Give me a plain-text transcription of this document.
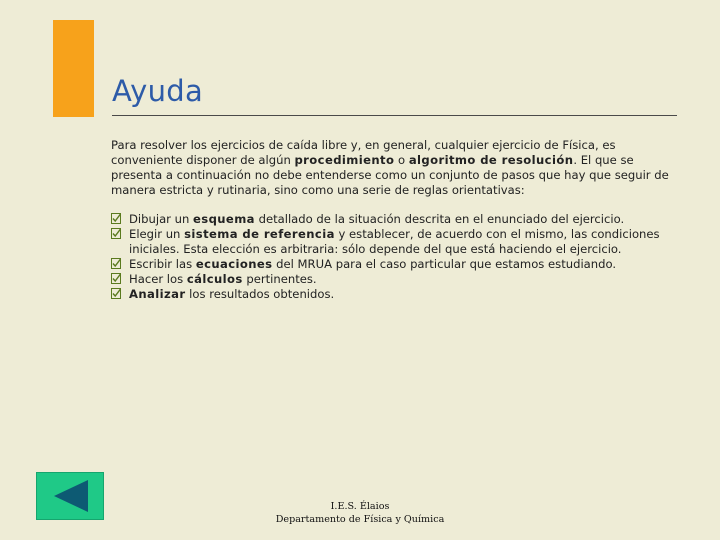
Ayuda

Para resolver los ejercicios de caída libre y, en general, cualquier ejercicio de Física, es conveniente disponer de algún procedimiento o algoritmo de resolución. El que se presenta a continuación no debe entenderse como un conjunto de pasos que hay que seguir de manera estricta y rutinaria, sino como una serie de reglas orientativas:

Dibujar un esquema detallado de la situación descrita en el enunciado del ejercicio.
Elegir un sistema de referencia y establecer, de acuerdo con el mismo, las condiciones iniciales. Esta elección es arbitraria: sólo depende del que está haciendo el ejercicio.
Escribir las ecuaciones del MRUA para el caso particular que estamos estudiando.
Hacer los cálculos pertinentes.
Analizar los resultados obtenidos.
I.E.S. Élaios
Departamento de Física y Química
